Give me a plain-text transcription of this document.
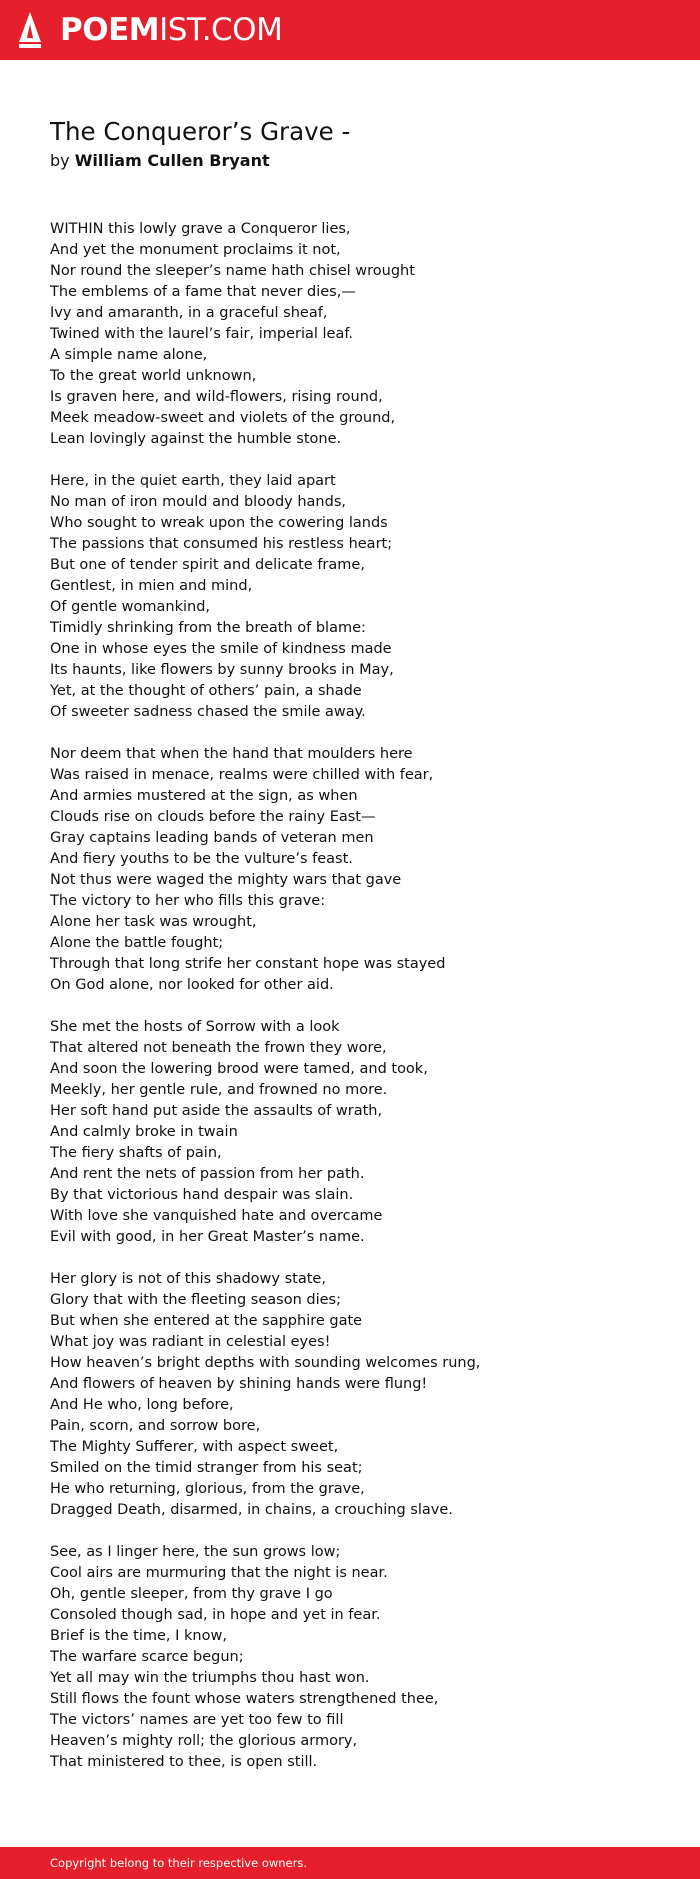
POEMIST.COM
The Conqueror’s Grave -
by William Cullen Bryant
WITHIN this lowly grave a Conqueror lies,
And yet the monument proclaims it not,
Nor round the sleeper’s name hath chisel wrought
The emblems of a fame that never dies,—
Ivy and amaranth, in a graceful sheaf,
Twined with the laurel’s fair, imperial leaf.
A simple name alone,
To the great world unknown,
Is graven here, and wild-flowers, rising round,
Meek meadow-sweet and violets of the ground,
Lean lovingly against the humble stone.
Here, in the quiet earth, they laid apart
No man of iron mould and bloody hands,
Who sought to wreak upon the cowering lands
The passions that consumed his restless heart;
But one of tender spirit and delicate frame,
Gentlest, in mien and mind,
Of gentle womankind,
Timidly shrinking from the breath of blame:
One in whose eyes the smile of kindness made
Its haunts, like flowers by sunny brooks in May,
Yet, at the thought of others’ pain, a shade
Of sweeter sadness chased the smile away.
Nor deem that when the hand that moulders here
Was raised in menace, realms were chilled with fear,
And armies mustered at the sign, as when
Clouds rise on clouds before the rainy East—
Gray captains leading bands of veteran men
And fiery youths to be the vulture’s feast.
Not thus were waged the mighty wars that gave
The victory to her who fills this grave:
Alone her task was wrought,
Alone the battle fought;
Through that long strife her constant hope was stayed
On God alone, nor looked for other aid.
She met the hosts of Sorrow with a look
That altered not beneath the frown they wore,
And soon the lowering brood were tamed, and took,
Meekly, her gentle rule, and frowned no more.
Her soft hand put aside the assaults of wrath,
And calmly broke in twain
The fiery shafts of pain,
And rent the nets of passion from her path.
By that victorious hand despair was slain.
With love she vanquished hate and overcame
Evil with good, in her Great Master’s name.
Her glory is not of this shadowy state,
Glory that with the fleeting season dies;
But when she entered at the sapphire gate
What joy was radiant in celestial eyes!
How heaven’s bright depths with sounding welcomes rung,
And flowers of heaven by shining hands were flung!
And He who, long before,
Pain, scorn, and sorrow bore,
The Mighty Sufferer, with aspect sweet,
Smiled on the timid stranger from his seat;
He who returning, glorious, from the grave,
Dragged Death, disarmed, in chains, a crouching slave.
See, as I linger here, the sun grows low;
Cool airs are murmuring that the night is near.
Oh, gentle sleeper, from thy grave I go
Consoled though sad, in hope and yet in fear.
Brief is the time, I know,
The warfare scarce begun;
Yet all may win the triumphs thou hast won.
Still flows the fount whose waters strengthened thee,
The victors’ names are yet too few to fill
Heaven’s mighty roll; the glorious armory,
That ministered to thee, is open still.
Copyright belong to their respective owners.
